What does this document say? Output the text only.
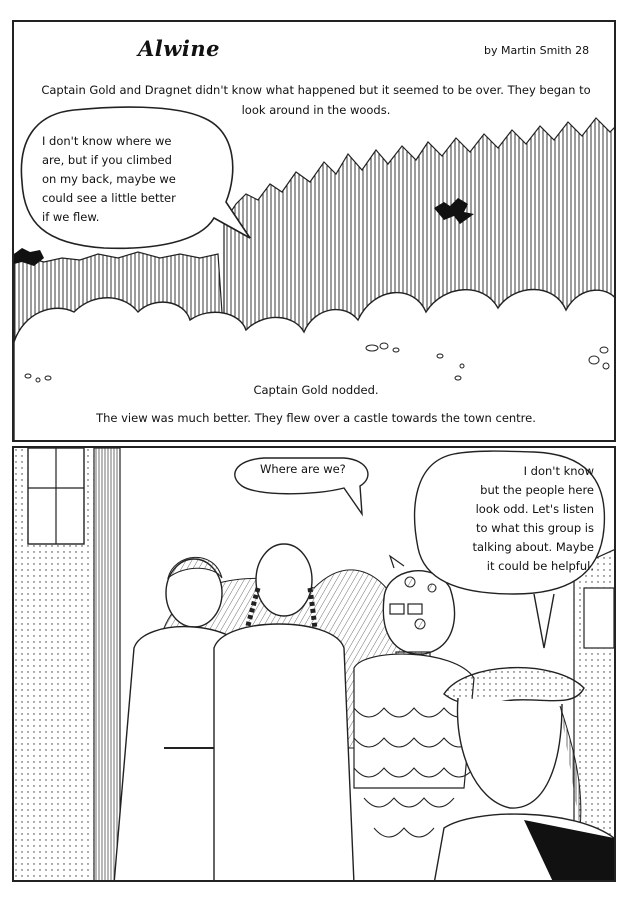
Alwine	by Martin Smith 28
Captain Gold and Dragnet didn't know what happened but it seemed to be over. They began to look around in the woods.
I don't know where we
are, but if you climbed
on my back, maybe we
could see a little better
if we flew.
Captain Gold nodded.
The view was much better. They flew over a castle towards the town centre.
Where are we?	I don't know
but the people here
look odd. Let's listen
to what this group is
talking about. Maybe
it could be helpful.
